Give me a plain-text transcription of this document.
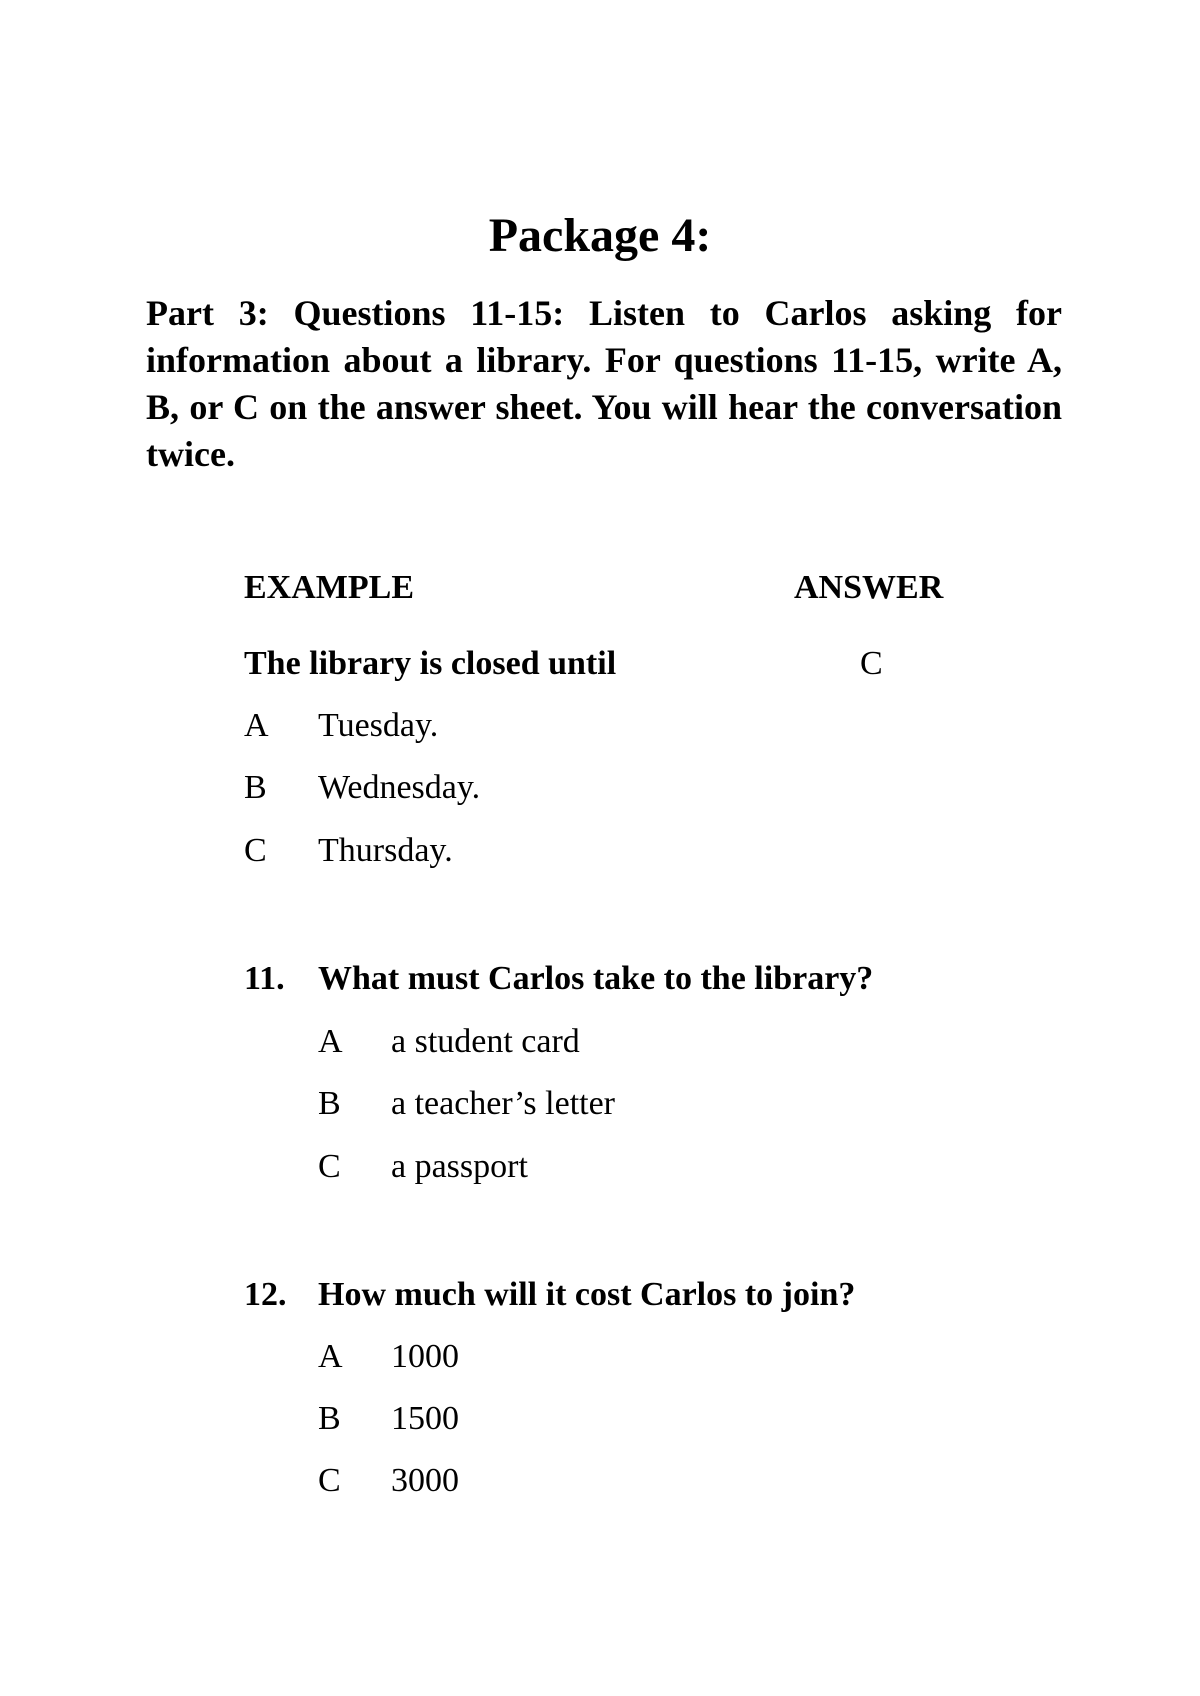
Package 4:
Part 3: Questions 11-15: Listen to Carlos asking for information about a library. For questions 11-15, write A, B, or C on the answer sheet. You will hear the conversation twice.
EXAMPLE	ANSWER
The library is closed until	C
A Tuesday.
B Wednesday.
C Thursday.
11. What must Carlos take to the library?
A a student card
B a teacher’s letter
C a passport
12. How much will it cost Carlos to join?
A 1000
B 1500
C 3000
